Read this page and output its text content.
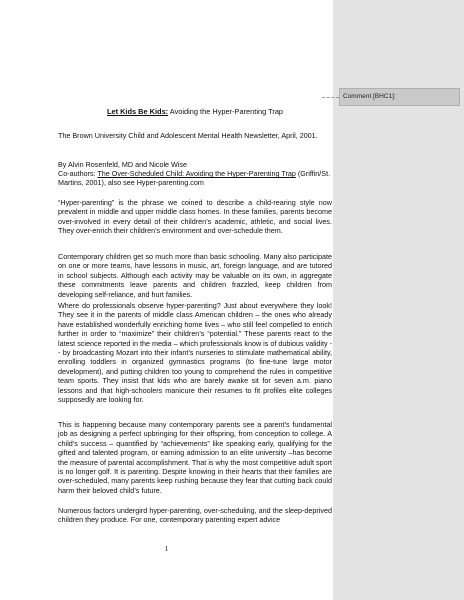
Comment [BHC1]:
Let Kids Be Kids: Avoiding the Hyper-Parenting Trap

The Brown University Child and Adolescent Mental Health Newsletter, April, 2001.

By Alvin Rosenfeld, MD and Nicole Wise

Co-authors: The Over-Scheduled Child: Avoiding the Hyper-Parenting Trap (Griffin/St. Martins, 2001), also see Hyper-parenting.com

“Hyper-parenting” is the phrase we coined to describe a child-rearing style now prevalent in middle and upper middle class homes. In these families, parents become over-involved in every detail of their children’s academic, athletic, and social lives. They over-enrich their children’s environment and over-schedule them.

Contemporary children get so much more than basic schooling. Many also participate on one or more teams, have lessons in music, art, foreign language, and are tutored in school subjects. Although each activity may be valuable on its own, in aggregate these commitments leave parents and children frazzled, keep children from developing self-reliance, and hurt families.

Where do professionals observe hyper-parenting? Just about everywhere they look! They see it in the parents of middle class American children – the ones who already have established wonderfully enriching home lives – who still feel compelled to enrich further in order to “maximize” their children’s “potential.” These parents react to the latest science reported in the media – which professionals know is of dubious validity -- by broadcasting Mozart into their infant’s nurseries to stimulate mathematical ability, enrolling toddlers in organized gymnastics programs (to fine-tune large motor development), and putting children too young to comprehend the rules in competitive team sports. They insist that kids who are barely awake sit for seven a.m. piano lessons and that high-schoolers manicure their resumes to fit profiles elite colleges supposedly are looking for.

This is happening because many contemporary parents see a parent’s fundamental job as designing a perfect upbringing for their offspring, from conception to college. A child’s success – quantified by “achievements” like speaking early, qualifying for the gifted and talented program, or earning admission to an elite university –has become the measure of parental accomplishment. That is why the most competitive adult sport is no longer golf. It is parenting. Despite knowing in their hearts that their families are over-scheduled, many parents keep rushing because they fear that cutting back could harm their beloved child’s future.

Numerous factors undergird hyper-parenting, over-scheduling, and the sleep-deprived children they produce. For one, contemporary parenting expert advice

1
